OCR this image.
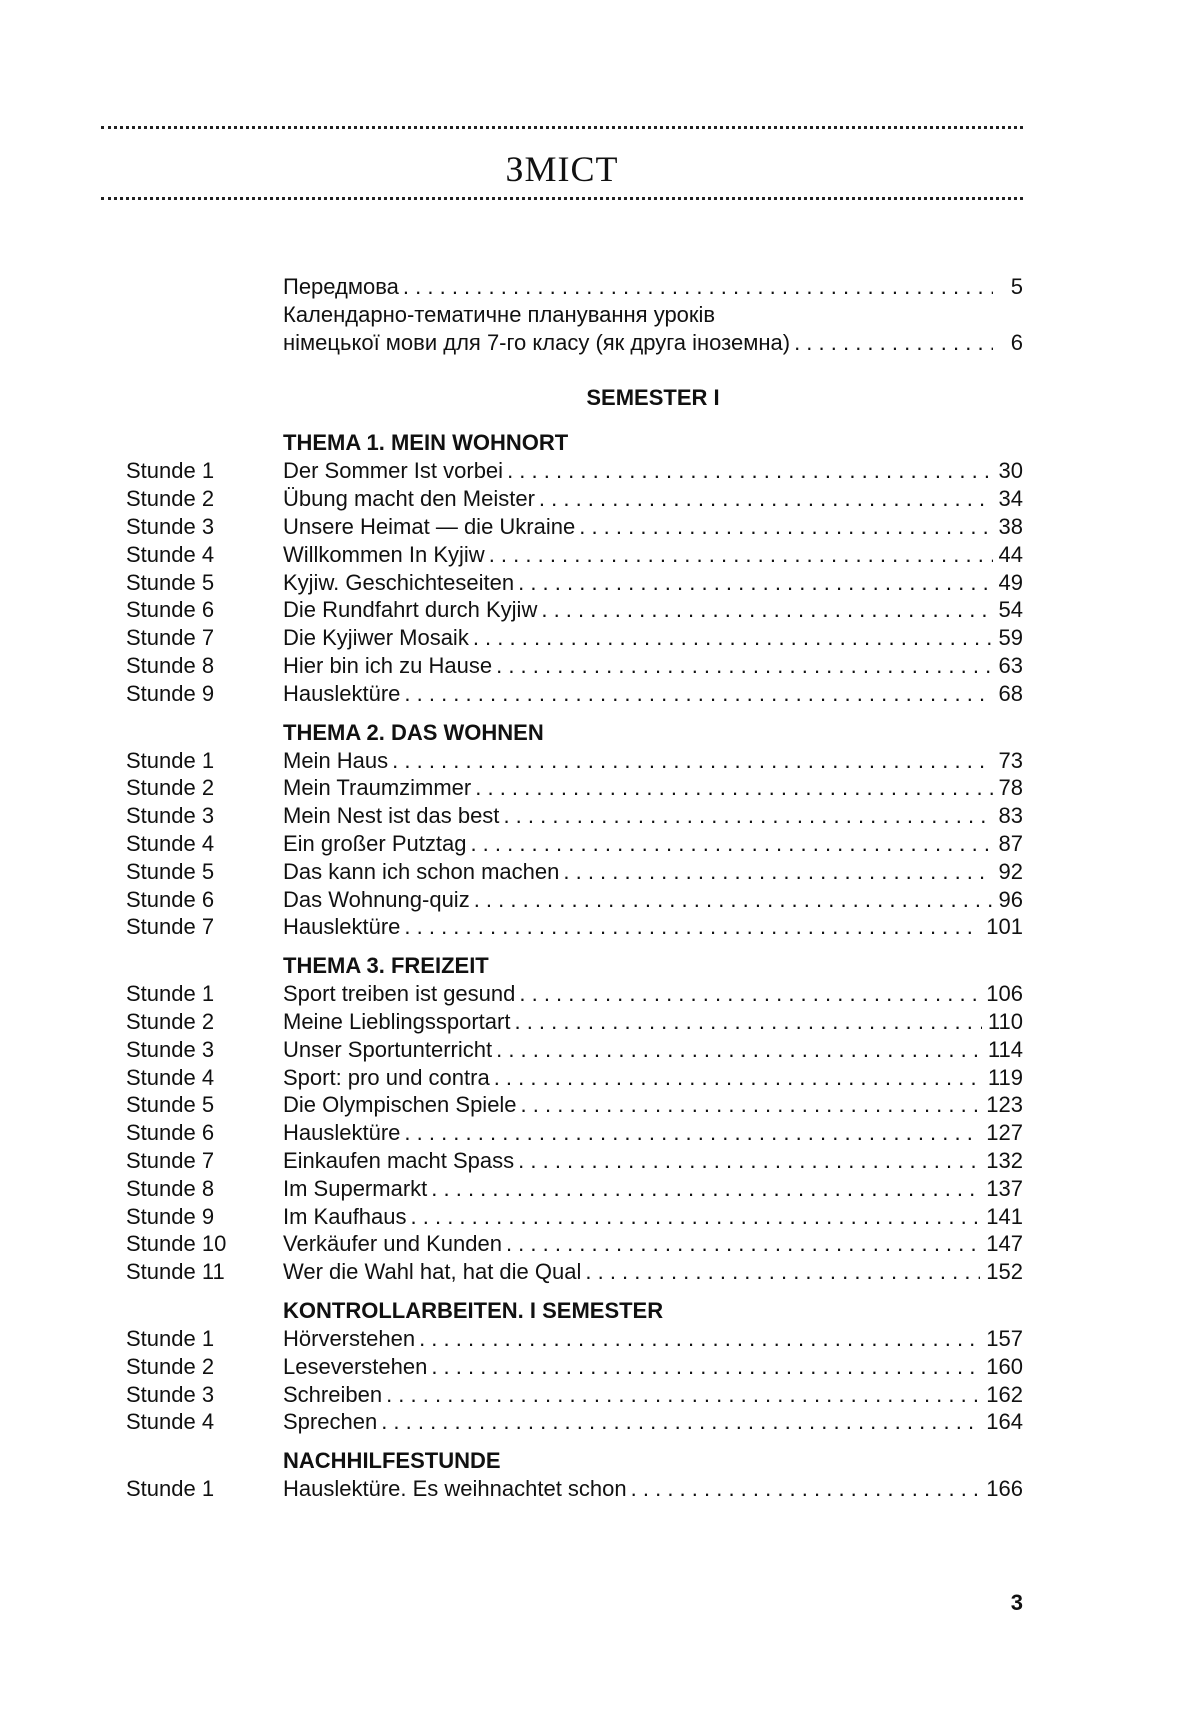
ЗМІСТ
Передмова . . .	5
Календарно-тематичне планування уроків
німецької мови для 7-го класу (як друга іноземна) . . .	6
SEMESTER I
THEMA 1. MEIN WOHNORT
Stunde 1	Der Sommer Ist vorbei . . .	30
Stunde 2	Übung macht den Meister . . .	34
Stunde 3	Unsere Heimat — die Ukraine . . .	38
Stunde 4	Willkommen In Kyjiw . . .	44
Stunde 5	Kyjiw. Geschichteseiten . . .	49
Stunde 6	Die Rundfahrt durch Kyjiw . . .	54
Stunde 7	Die Kyjiwer Mosaik . . .	59
Stunde 8	Hier bin ich zu Hause . . .	63
Stunde 9	Hauslektüre . . .	68
THEMA 2. DAS WOHNEN
Stunde 1	Mein Haus . . .	73
Stunde 2	Mein Traumzimmer . . .	78
Stunde 3	Mein Nest ist das best . . .	83
Stunde 4	Ein großer Putztag . . .	87
Stunde 5	Das kann ich schon machen . . .	92
Stunde 6	Das Wohnung-quiz . . .	96
Stunde 7	Hauslektüre . . .	101
THEMA 3. FREIZEIT
Stunde 1	Sport treiben ist gesund . . .	106
Stunde 2	Meine Lieblingssportart . . .	110
Stunde 3	Unser Sportunterricht . . .	114
Stunde 4	Sport: pro und contra . . .	119
Stunde 5	Die Olympischen Spiele . . .	123
Stunde 6	Hauslektüre . . .	127
Stunde 7	Einkaufen macht Spass . . .	132
Stunde 8	Im Supermarkt . . .	137
Stunde 9	Im Kaufhaus . . .	141
Stunde 10	Verkäufer und Kunden . . .	147
Stunde 11	Wer die Wahl hat, hat die Qual . . .	152
KONTROLLARBEITEN. I SEMESTER
Stunde 1	Hörverstehen . . .	157
Stunde 2	Leseverstehen . . .	160
Stunde 3	Schreiben . . .	162
Stunde 4	Sprechen . . .	164
NACHHILFESTUNDE
Stunde 1	Hauslektüre. Es weihnachtet schon . . .	166
3
